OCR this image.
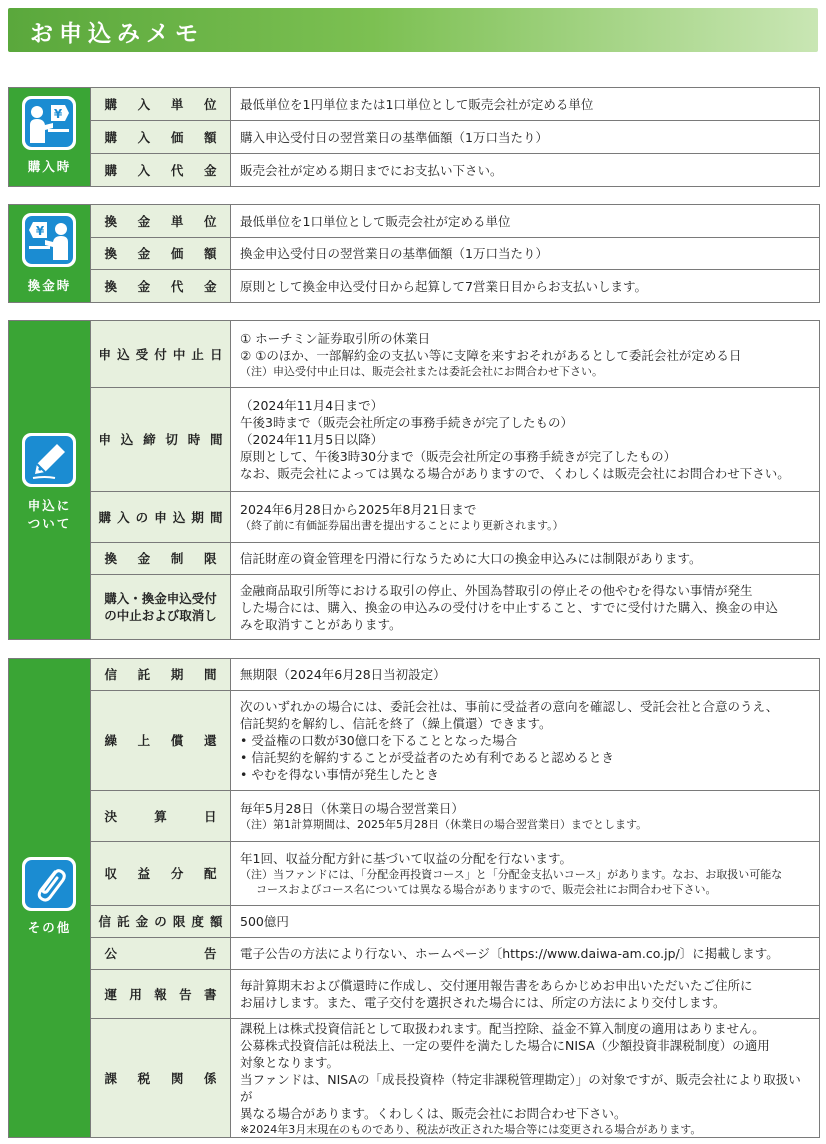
お申込みメモ
¥
購入時
購入単位 最低単位を1円単位または1口単位として販売会社が定める単位
購入価額 購入申込受付日の翌営業日の基準価額（1万口当たり）
購入代金 販売会社が定める期日までにお支払い下さい。
¥
換金時
換金単位 最低単位を1口単位として販売会社が定める単位
換金価額 換金申込受付日の翌営業日の基準価額（1万口当たり）
換金代金 原則として換金申込受付日から起算して7営業日目からお支払いします。
申込に
ついて
申込受付中止日
① ホーチミン証券取引所の休業日
② ①のほか、一部解約金の支払い等に支障を来すおそれがあるとして委託会社が定める日
（注）申込受付中止日は、販売会社または委託会社にお問合わせ下さい。
申込締切時間
（2024年11月4日まで）
午後3時まで（販売会社所定の事務手続きが完了したもの）
（2024年11月5日以降）
原則として、午後3時30分まで（販売会社所定の事務手続きが完了したもの）
なお、販売会社によっては異なる場合がありますので、くわしくは販売会社にお問合わせ下さい。
購入の申込期間 2024年6月28日から2025年8月21日まで
（終了前に有価証券届出書を提出することにより更新されます。）
換金制限 信託財産の資金管理を円滑に行なうために大口の換金申込みには制限があります。
購入・換金申込受付
の中止および取消し
金融商品取引所等における取引の停止、外国為替取引の停止その他やむを得ない事情が発生
した場合には、購入、換金の申込みの受付けを中止すること、すでに受付けた購入、換金の申込
みを取消すことがあります。
その他
信託期間 無期限（2024年6月28日当初設定）
繰上償還
次のいずれかの場合には、委託会社は、事前に受益者の意向を確認し、受託会社と合意のうえ、
信託契約を解約し、信託を終了（繰上償還）できます。
• 受益権の口数が30億口を下ることとなった場合
• 信託契約を解約することが受益者のため有利であると認めるとき
• やむを得ない事情が発生したとき
決算日 毎年5月28日（休業日の場合翌営業日）
（注）第1計算期間は、2025年5月28日（休業日の場合翌営業日）までとします。
収益分配
年1回、収益分配方針に基づいて収益の分配を行ないます。
（注）当ファンドには、「分配金再投資コース」と「分配金支払いコース」があります。なお、お取扱い可能な
コースおよびコース名については異なる場合がありますので、販売会社にお問合わせ下さい。
信託金の限度額 500億円
公告 電子公告の方法により行ない、ホームページ〔https://www.daiwa-am.co.jp/〕に掲載します。
運用報告書
毎計算期末および償還時に作成し、交付運用報告書をあらかじめお申出いただいたご住所に
お届けします。また、電子交付を選択された場合には、所定の方法により交付します。
課税関係
課税上は株式投資信託として取扱われます。配当控除、益金不算入制度の適用はありません。
公募株式投資信託は税法上、一定の要件を満たした場合にNISA（少額投資非課税制度）の適用
対象となります。
当ファンドは、NISAの「成長投資枠（特定非課税管理勘定）」の対象ですが、販売会社により取扱いが
異なる場合があります。くわしくは、販売会社にお問合わせ下さい。
※2024年3月末現在のものであり、税法が改正された場合等には変更される場合があります。
